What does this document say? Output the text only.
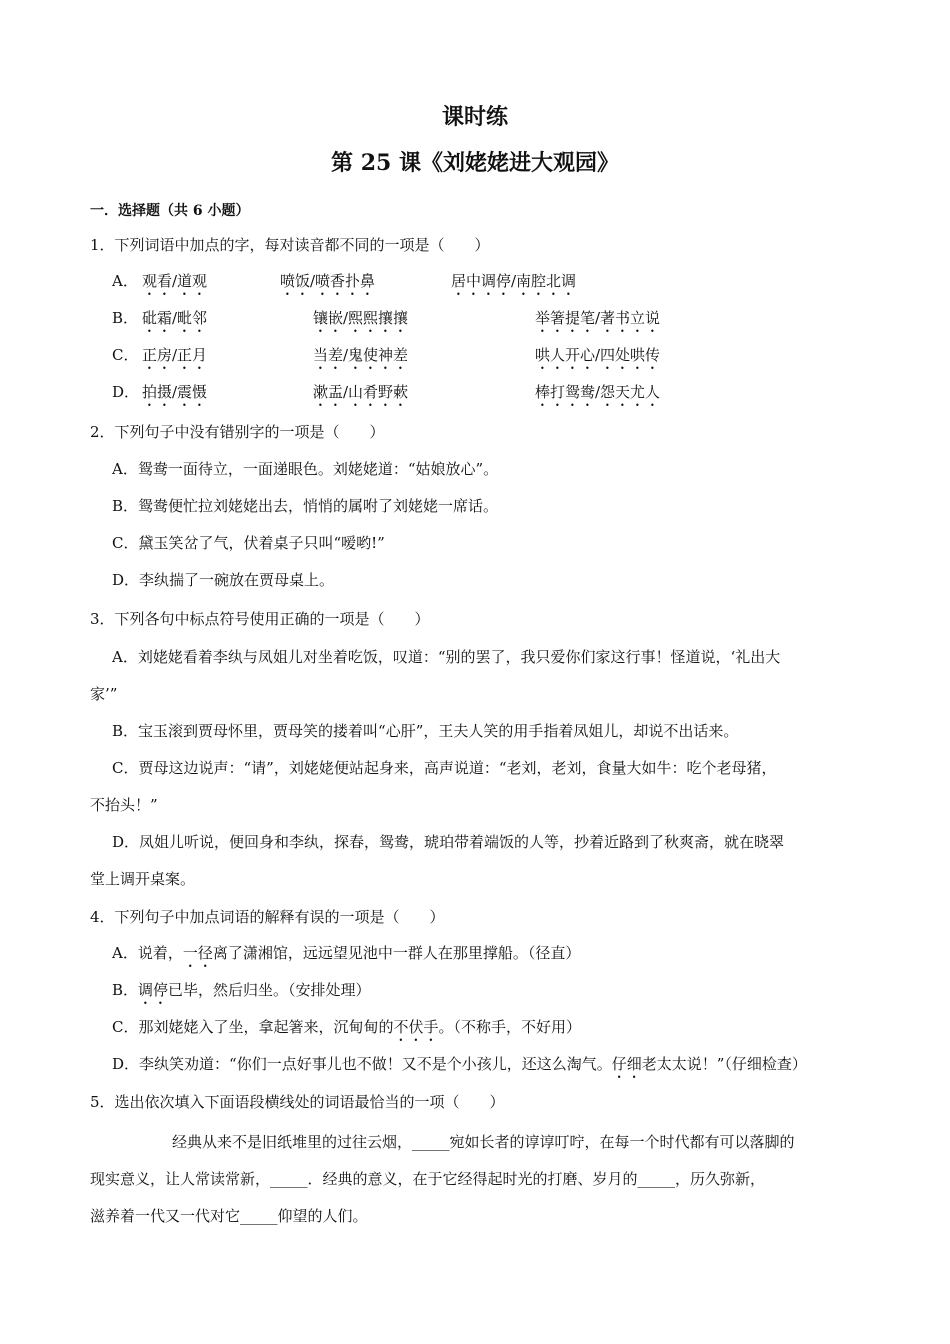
课时练
第 25 课《刘姥姥进大观园》
一．选择题（共 6 小题）
1．下列词语中加点的字，每对读音都不同的一项是（　　）
A． 观看/道观	喷饭/喷香扑鼻	居中调停/南腔北调
B． 砒霜/毗邻	镶嵌/熙熙攘攘	举箸提笔/著书立说
C． 正房/正月	当差/鬼使神差	哄人开心/四处哄传
D． 拍摄/震慑	漱盂/山肴野蔌	棒打鸳鸯/怨天尤人
2．下列句子中没有错别字的一项是（　　）
A．鸳鸯一面待立，一面递眼色。刘姥姥道：“姑娘放心”。
B．鸳鸯便忙拉刘姥姥出去，悄悄的属咐了刘姥姥一席话。
C．黛玉笑岔了气，伏着桌子只叫“嗳哟!”
D．李纨揣了一碗放在贾母桌上。
3．下列各句中标点符号使用正确的一项是（　　）
A．刘姥姥看着李纨与凤姐儿对坐着吃饭，叹道：“别的罢了，我只爱你们家这行事！怪道说，‘礼出大
家’”
B．宝玉滚到贾母怀里，贾母笑的搂着叫“心肝”，王夫人笑的用手指着凤姐儿，却说不出话来。
C．贾母这边说声：“请”，刘姥姥便站起身来，高声说道：“老刘，老刘，食量大如牛：吃个老母猪，
不抬头！”
D．凤姐儿听说，便回身和李纨，探春，鸳鸯，琥珀带着端饭的人等，抄着近路到了秋爽斋，就在晓翠
堂上调开桌案。
4．下列句子中加点词语的解释有误的一项是（　　）
A．说着，一径离了潇湘馆，远远望见池中一群人在那里撑船。（径直）
B．调停已毕，然后归坐。（安排处理）
C．那刘姥姥入了坐，拿起箸来，沉甸甸的不伏手。（不称手，不好用）
D．李纨笑劝道：“你们一点好事儿也不做！又不是个小孩儿，还这么淘气。仔细老太太说！”（仔细检查）
5．选出依次填入下面语段横线处的词语最恰当的一项（　　）
经典从来不是旧纸堆里的过往云烟，_____宛如长者的谆谆叮咛，在每一个时代都有可以落脚的
现实意义，让人常读常新，_____．经典的意义，在于它经得起时光的打磨、岁月的_____，历久弥新，
滋养着一代又一代对它_____仰望的人们。
